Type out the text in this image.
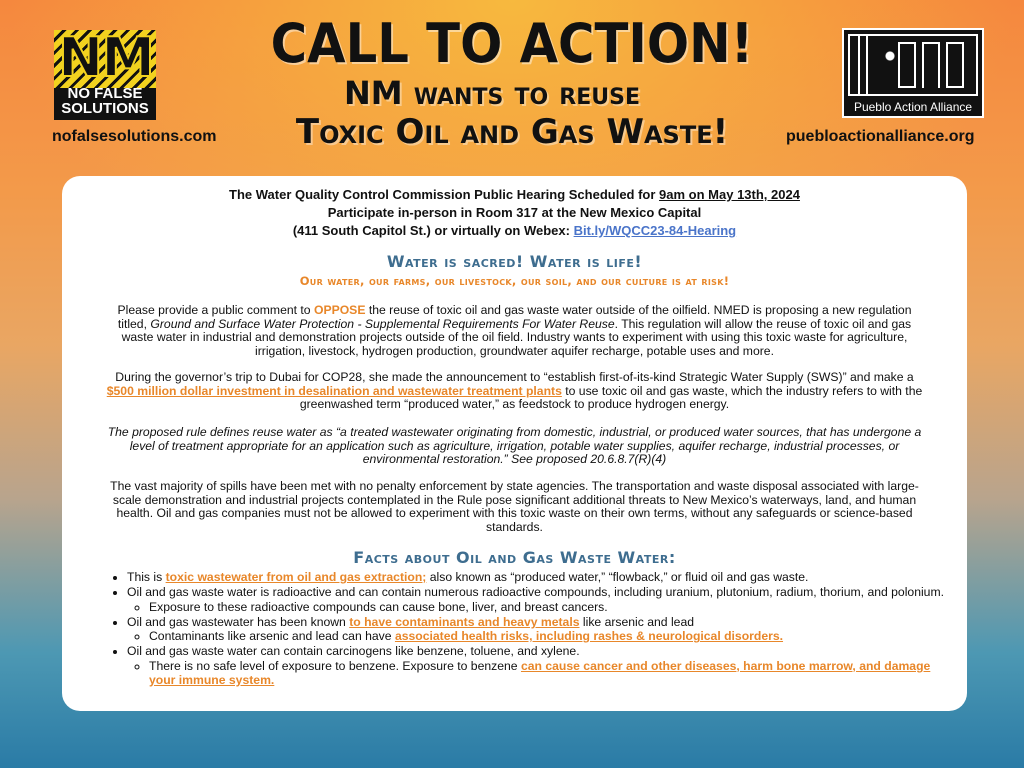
NM
NO FALSE SOLUTIONS
nofalsesolutions.com
CALL TO ACTION!
NM wants to reuse
Toxic Oil and Gas Waste!
Pueblo Action Alliance
puebloactionalliance.org
The Water Quality Control Commission Public Hearing Scheduled for 9am on May 13th, 2024
Participate in-person in Room 317 at the New Mexico Capital
(411 South Capitol St.) or virtually on Webex: Bit.ly/WQCC23-84-Hearing
Water is sacred! Water is life!
Our water, our farms, our livestock, our soil, and our culture is at risk!
Please provide a public comment to OPPOSE the reuse of toxic oil and gas waste water outside of the oilfield. NMED is proposing a new regulation titled, Ground and Surface Water Protection - Supplemental Requirements For Water Reuse. This regulation will allow the reuse of toxic oil and gas waste water in industrial and demonstration projects outside of the oil field. Industry wants to experiment with using this toxic waste for agriculture, irrigation, livestock, hydrogen production, groundwater aquifer recharge, potable uses and more.
During the governor’s trip to Dubai for COP28, she made the announcement to “establish first-of-its-kind Strategic Water Supply (SWS)” and make a $500 million dollar investment in desalination and wastewater treatment plants to use toxic oil and gas waste, which the industry refers to with the greenwashed term “produced water,” as feedstock to produce hydrogen energy.
The proposed rule defines reuse water as “a treated wastewater originating from domestic, industrial, or produced water sources, that has undergone a level of treatment appropriate for an application such as agriculture, irrigation, potable water supplies, aquifer recharge, industrial processes, or environmental restoration.” See proposed 20.6.8.7(R)(4)
The vast majority of spills have been met with no penalty enforcement by state agencies. The transportation and waste disposal associated with large-scale demonstration and industrial projects contemplated in the Rule pose significant additional threats to New Mexico’s waterways, land, and human health. Oil and gas companies must not be allowed to experiment with this toxic waste on their own terms, without any safeguards or science-based standards.
Facts about Oil and Gas Waste Water:
• This is toxic wastewater from oil and gas extraction; also known as “produced water,” “flowback,” or fluid oil and gas waste.
• Oil and gas waste water is radioactive and can contain numerous radioactive compounds, including uranium, plutonium, radium, thorium, and polonium.
◦ Exposure to these radioactive compounds can cause bone, liver, and breast cancers.
• Oil and gas wastewater has been known to have contaminants and heavy metals like arsenic and lead
◦ Contaminants like arsenic and lead can have associated health risks, including rashes & neurological disorders.
• Oil and gas waste water can contain carcinogens like benzene, toluene, and xylene.
◦ There is no safe level of exposure to benzene. Exposure to benzene can cause cancer and other diseases, harm bone marrow, and damage your immune system.
